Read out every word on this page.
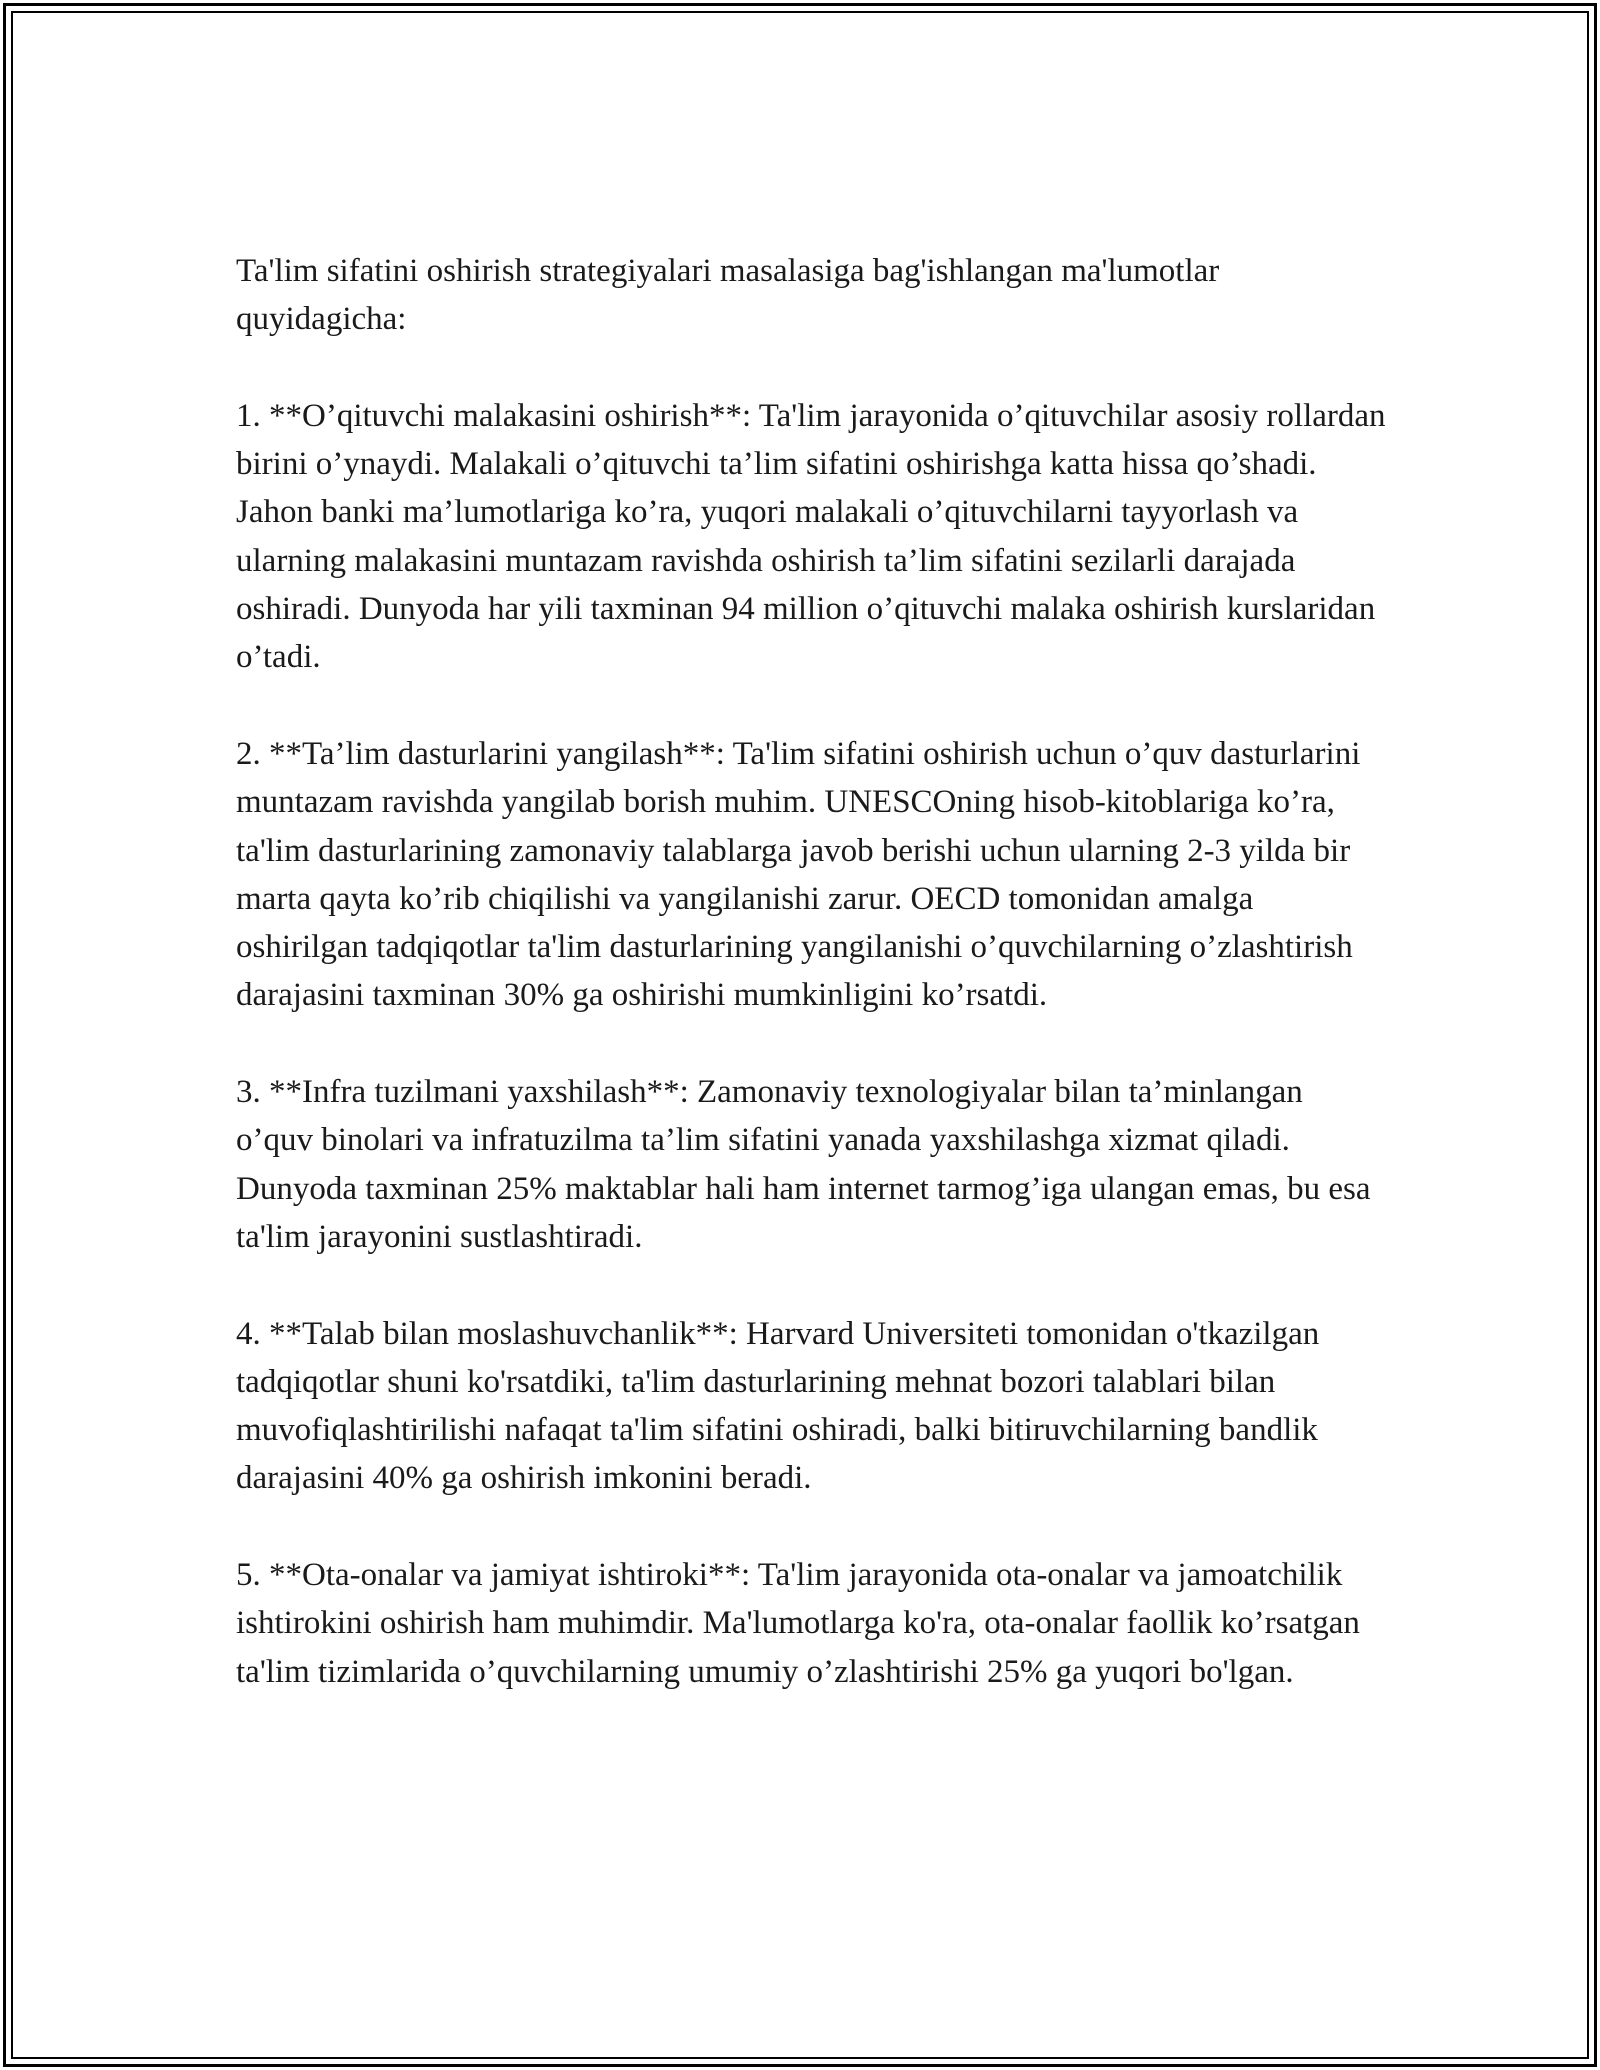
Ta'lim sifatini oshirish strategiyalari masalasiga bag'ishlangan ma'lumotlar quyidagicha:

1. **O’qituvchi malakasini oshirish**: Ta'lim jarayonida o’qituvchilar asosiy rollardan birini o’ynaydi. Malakali o’qituvchi ta’lim sifatini oshirishga katta hissa qo’shadi. Jahon banki ma’lumotlariga ko’ra, yuqori malakali o’qituvchilarni tayyorlash va ularning malakasini muntazam ravishda oshirish ta’lim sifatini sezilarli darajada oshiradi. Dunyoda har yili taxminan 94 million o’qituvchi malaka oshirish kurslaridan o’tadi.

2. **Ta’lim dasturlarini yangilash**: Ta'lim sifatini oshirish uchun o’quv dasturlarini muntazam ravishda yangilab borish muhim. UNESCOning hisob-kitoblariga ko’ra, ta'lim dasturlarining zamonaviy talablarga javob berishi uchun ularning 2-3 yilda bir marta qayta ko’rib chiqilishi va yangilanishi zarur. OECD tomonidan amalga oshirilgan tadqiqotlar ta'lim dasturlarining yangilanishi o’quvchilarning o’zlashtirish darajasini taxminan 30% ga oshirishi mumkinligini ko’rsatdi.

3. **Infra tuzilmani yaxshilash**: Zamonaviy texnologiyalar bilan ta’minlangan o’quv binolari va infratuzilma ta’lim sifatini yanada yaxshilashga xizmat qiladi. Dunyoda taxminan 25% maktablar hali ham internet tarmog’iga ulangan emas, bu esa ta'lim jarayonini sustlashtiradi.

4. **Talab bilan moslashuvchanlik**: Harvard Universiteti tomonidan o'tkazilgan tadqiqotlar shuni ko'rsatdiki, ta'lim dasturlarining mehnat bozori talablari bilan muvofiqlashtirilishi nafaqat ta'lim sifatini oshiradi, balki bitiruvchilarning bandlik darajasini 40% ga oshirish imkonini beradi.

5. **Ota-onalar va jamiyat ishtiroki**: Ta'lim jarayonida ota-onalar va jamoatchilik ishtirokini oshirish ham muhimdir. Ma'lumotlarga ko'ra, ota-onalar faollik ko’rsatgan ta'lim tizimlarida o’quvchilarning umumiy o’zlashtirishi 25% ga yuqori bo'lgan.
